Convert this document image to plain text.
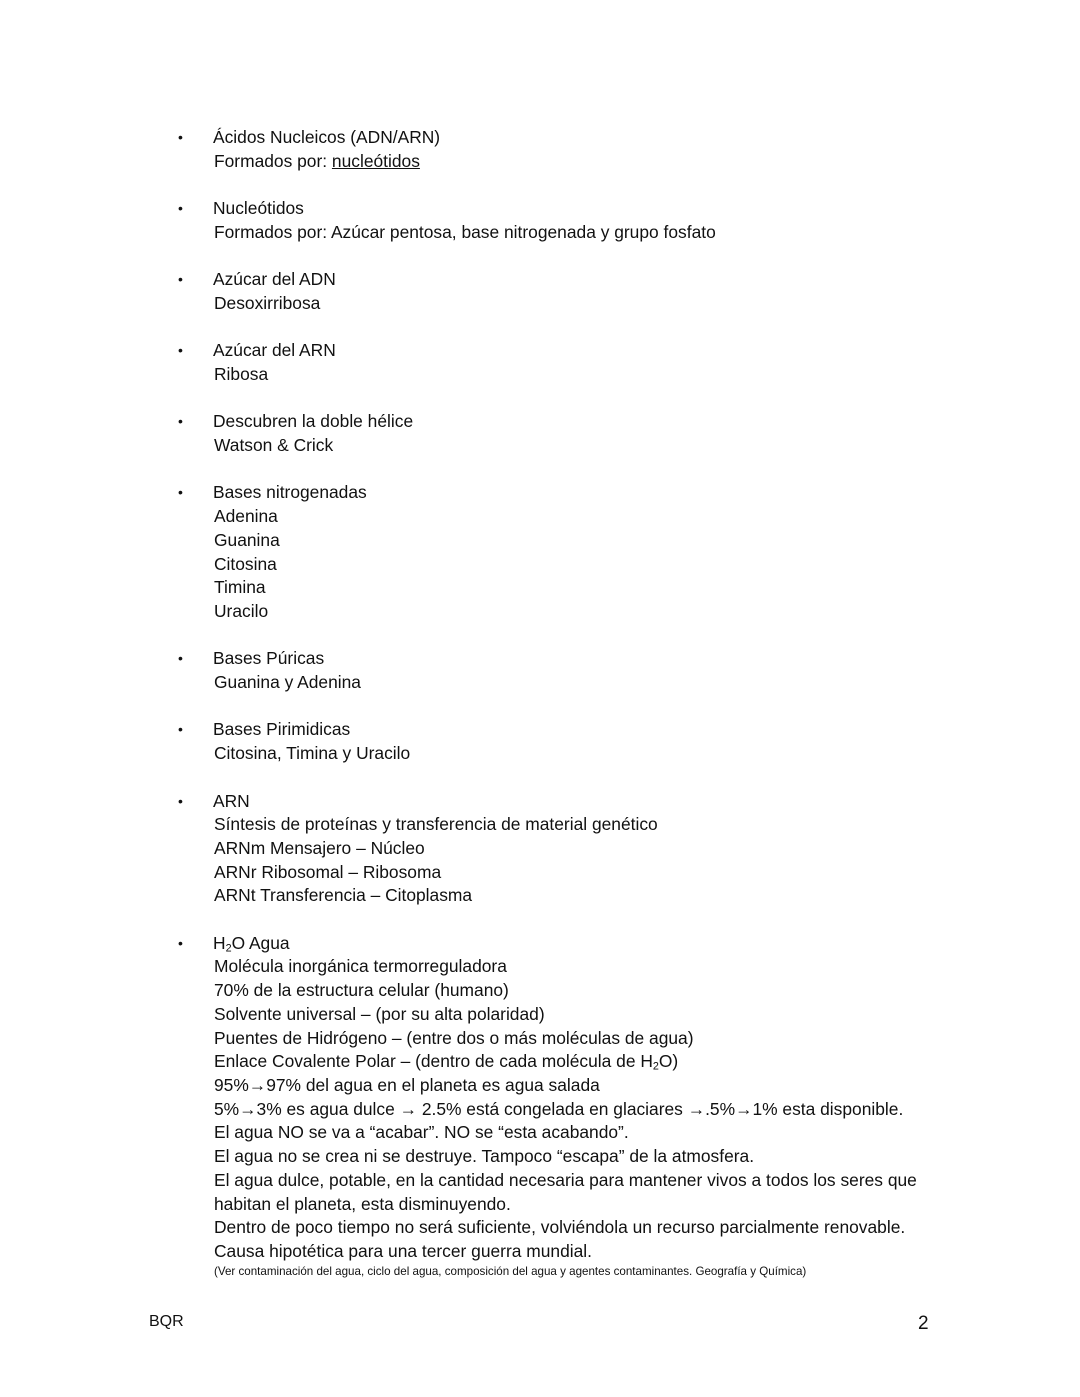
• Ácidos Nucleicos (ADN/ARN)
Formados por: nucleótidos
• Nucleótidos
Formados por: Azúcar pentosa, base nitrogenada y grupo fosfato
• Azúcar del ADN
Desoxirribosa
• Azúcar del ARN
Ribosa
• Descubren la doble hélice
Watson & Crick
• Bases nitrogenadas
Adenina
Guanina
Citosina
Timina
Uracilo
• Bases Púricas
Guanina y Adenina
• Bases Pirimidicas
Citosina, Timina y Uracilo
• ARN
Síntesis de proteínas y transferencia de material genético
ARNm Mensajero – Núcleo
ARNr Ribosomal – Ribosoma
ARNt Transferencia – Citoplasma
• $H_2O$ Agua
Molécula inorgánica termorreguladora
70% de la estructura celular (humano)
Solvente universal – (por su alta polaridad)
Puentes de Hidrógeno – (entre dos o más moléculas de agua)
Enlace Covalente Polar – (dentro de cada molécula de $H_2O$)
95%→97% del agua en el planeta es agua salada
5%→3% es agua dulce → 2.5% está congelada en glaciares →.5%→1% esta disponible.
El agua NO se va a “acabar”. NO se “esta acabando”.
El agua no se crea ni se destruye. Tampoco “escapa” de la atmosfera.
El agua dulce, potable, en la cantidad necesaria para mantener vivos a todos los seres que
habitan el planeta, esta disminuyendo.
Dentro de poco tiempo no será suficiente, volviéndola un recurso parcialmente renovable.
Causa hipotética para una tercer guerra mundial.
(Ver contaminación del agua, ciclo del agua, composición del agua y agentes contaminantes. Geografía y Química)
BQR	2
